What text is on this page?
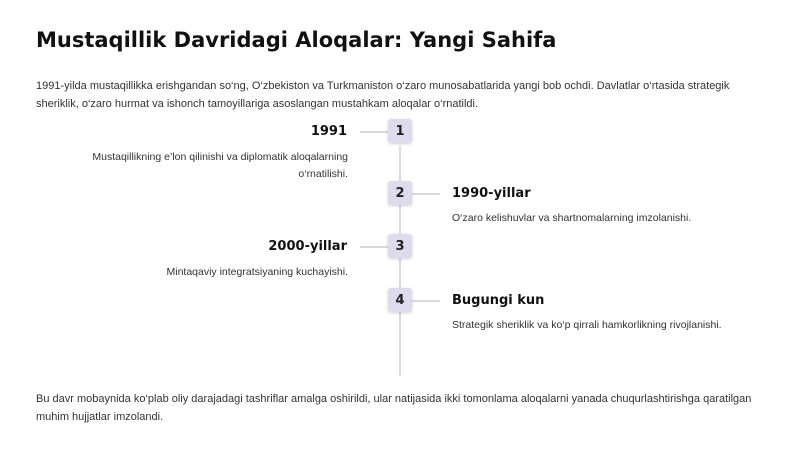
Mustaqillik Davridagi Aloqalar: Yangi Sahifa

1991-yilda mustaqillikka erishgandan so‘ng, O‘zbekiston va Turkmaniston o‘zaro munosabatlarida yangi bob ochdi. Davlatlar o‘rtasida strategik sheriklik, o‘zaro hurmat va ishonch tamoyillariga asoslangan mustahkam aloqalar o‘rnatildi.

1
1991
Mustaqillikning e’lon qilinishi va diplomatik aloqalarning o‘rnatilishi.
2	1990-yillar
O‘zaro kelishuvlar va shartnomalarning imzolanishi.
3
2000-yillar
Mintaqaviy integratsiyaning kuchayishi.
4	Bugungi kun
Strategik sheriklik va ko‘p qirrali hamkorlikning rivojlanishi.

Bu davr mobaynida ko‘plab oliy darajadagi tashriflar amalga oshirildi, ular natijasida ikki tomonlama aloqalarni yanada chuqurlashtirishga qaratilgan muhim hujjatlar imzolandi.
